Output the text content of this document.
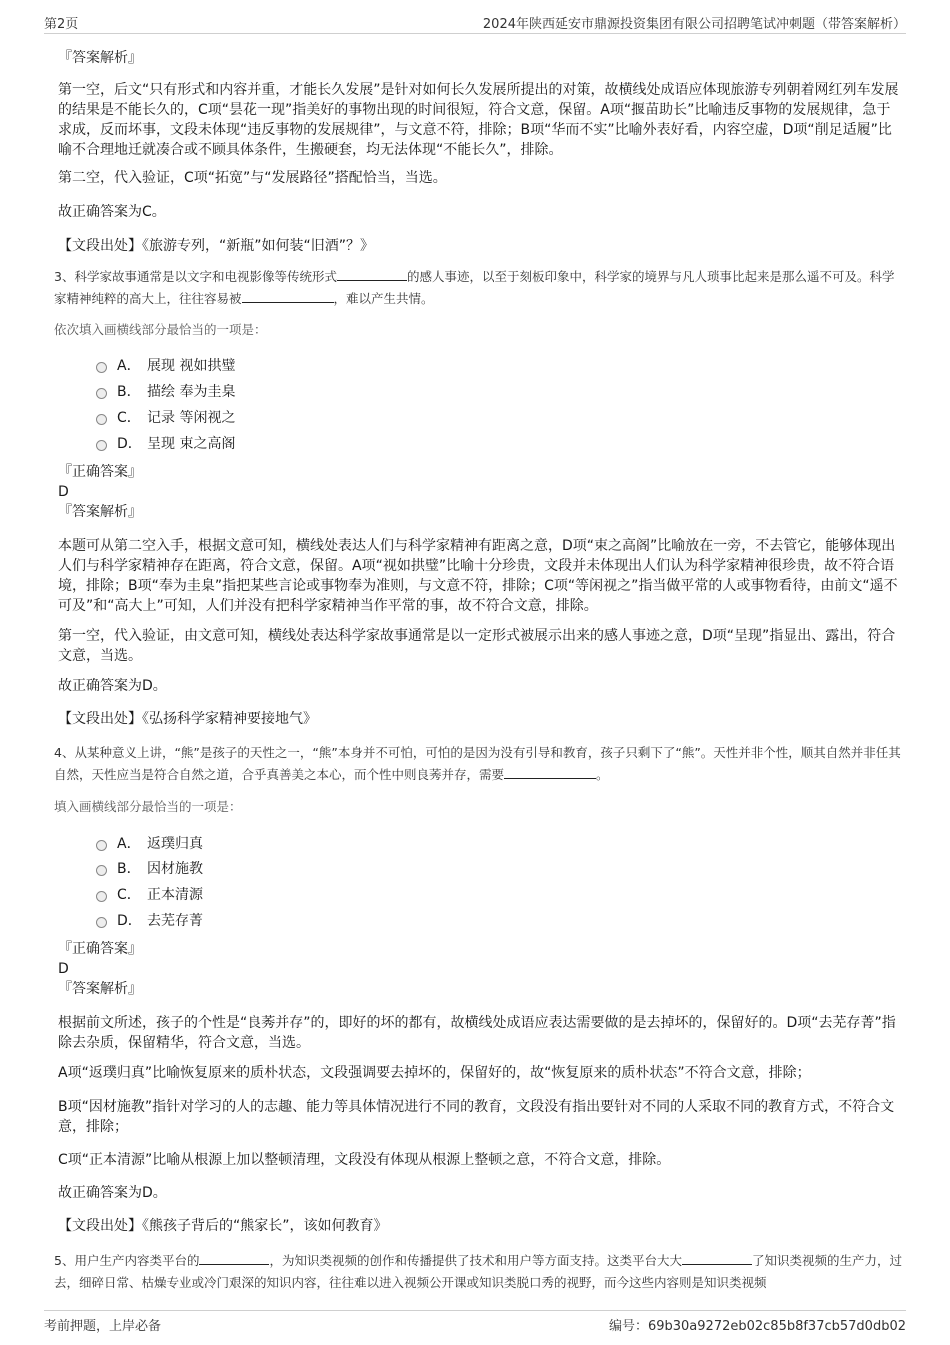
第2页	2024年陕西延安市鼎源投资集团有限公司招聘笔试冲刺题（带答案解析）

『答案解析』

第一空，后文“只有形式和内容并重，才能长久发展”是针对如何长久发展所提出的对策，故横线处成语应体现旅游专列朝着网红列车发展的结果是不能长久的，C项“昙花一现”指美好的事物出现的时间很短，符合文意，保留。A项“揠苗助长”比喻违反事物的发展规律，急于求成，反而坏事，文段未体现“违反事物的发展规律”，与文意不符，排除；B项“华而不实”比喻外表好看，内容空虚，D项“削足适履”比喻不合理地迁就凑合或不顾具体条件，生搬硬套，均无法体现“不能长久”，排除。

第二空，代入验证，C项“拓宽”与“发展路径”搭配恰当，当选。

故正确答案为C。

【文段出处】《旅游专列，“新瓶”如何装“旧酒”？》

3、科学家故事通常是以文字和电视影像等传统形式	的感人事迹，以至于刻板印象中，科学家的境界与凡人琐事比起来是那么遥不可及。科学家精神纯粹的高大上，往往容易被	，难以产生共情。

依次填入画横线部分最恰当的一项是：

A． 展现 视如拱璧
B． 描绘 奉为圭臬
C． 记录 等闲视之
D． 呈现 束之高阁

『正确答案』

D

『答案解析』

本题可从第二空入手，根据文意可知，横线处表达人们与科学家精神有距离之意，D项“束之高阁”比喻放在一旁，不去管它，能够体现出人们与科学家精神存在距离，符合文意，保留。A项“视如拱璧”比喻十分珍贵，文段并未体现出人们认为科学家精神很珍贵，故不符合语境，排除；B项“奉为圭臬”指把某些言论或事物奉为准则，与文意不符，排除；C项“等闲视之”指当做平常的人或事物看待，由前文“遥不可及”和“高大上”可知，人们并没有把科学家精神当作平常的事，故不符合文意，排除。

第一空，代入验证，由文意可知，横线处表达科学家故事通常是以一定形式被展示出来的感人事迹之意，D项“呈现”指显出、露出，符合文意，当选。

故正确答案为D。

【文段出处】《弘扬科学家精神要接地气》

4、从某种意义上讲，“熊”是孩子的天性之一，“熊”本身并不可怕，可怕的是因为没有引导和教育，孩子只剩下了“熊”。天性并非个性，顺其自然并非任其自然，天性应当是符合自然之道，合乎真善美之本心，而个性中则良莠并存，需要	。

填入画横线部分最恰当的一项是：

A． 返璞归真
B． 因材施教
C． 正本清源
D． 去芜存菁

『正确答案』

D

『答案解析』

根据前文所述，孩子的个性是“良莠并存”的，即好的坏的都有，故横线处成语应表达需要做的是去掉坏的，保留好的。D项“去芜存菁”指除去杂质，保留精华，符合文意，当选。

A项“返璞归真”比喻恢复原来的质朴状态，文段强调要去掉坏的，保留好的，故“恢复原来的质朴状态”不符合文意，排除；

B项“因材施教”指针对学习的人的志趣、能力等具体情况进行不同的教育，文段没有指出要针对不同的人采取不同的教育方式，不符合文意，排除；

C项“正本清源”比喻从根源上加以整顿清理，文段没有体现从根源上整顿之意，不符合文意，排除。

故正确答案为D。

【文段出处】《熊孩子背后的“熊家长”，该如何教育》

5、用户生产内容类平台的	，为知识类视频的创作和传播提供了技术和用户等方面支持。这类平台大大	了知识类视频的生产力，过去，细碎日常、枯燥专业或冷门艰深的知识内容，往往难以进入视频公开课或知识类脱口秀的视野，而今这些内容则是知识类视频

考前押题，上岸必备	编号：69b30a9272eb02c85b8f37cb57d0db02
